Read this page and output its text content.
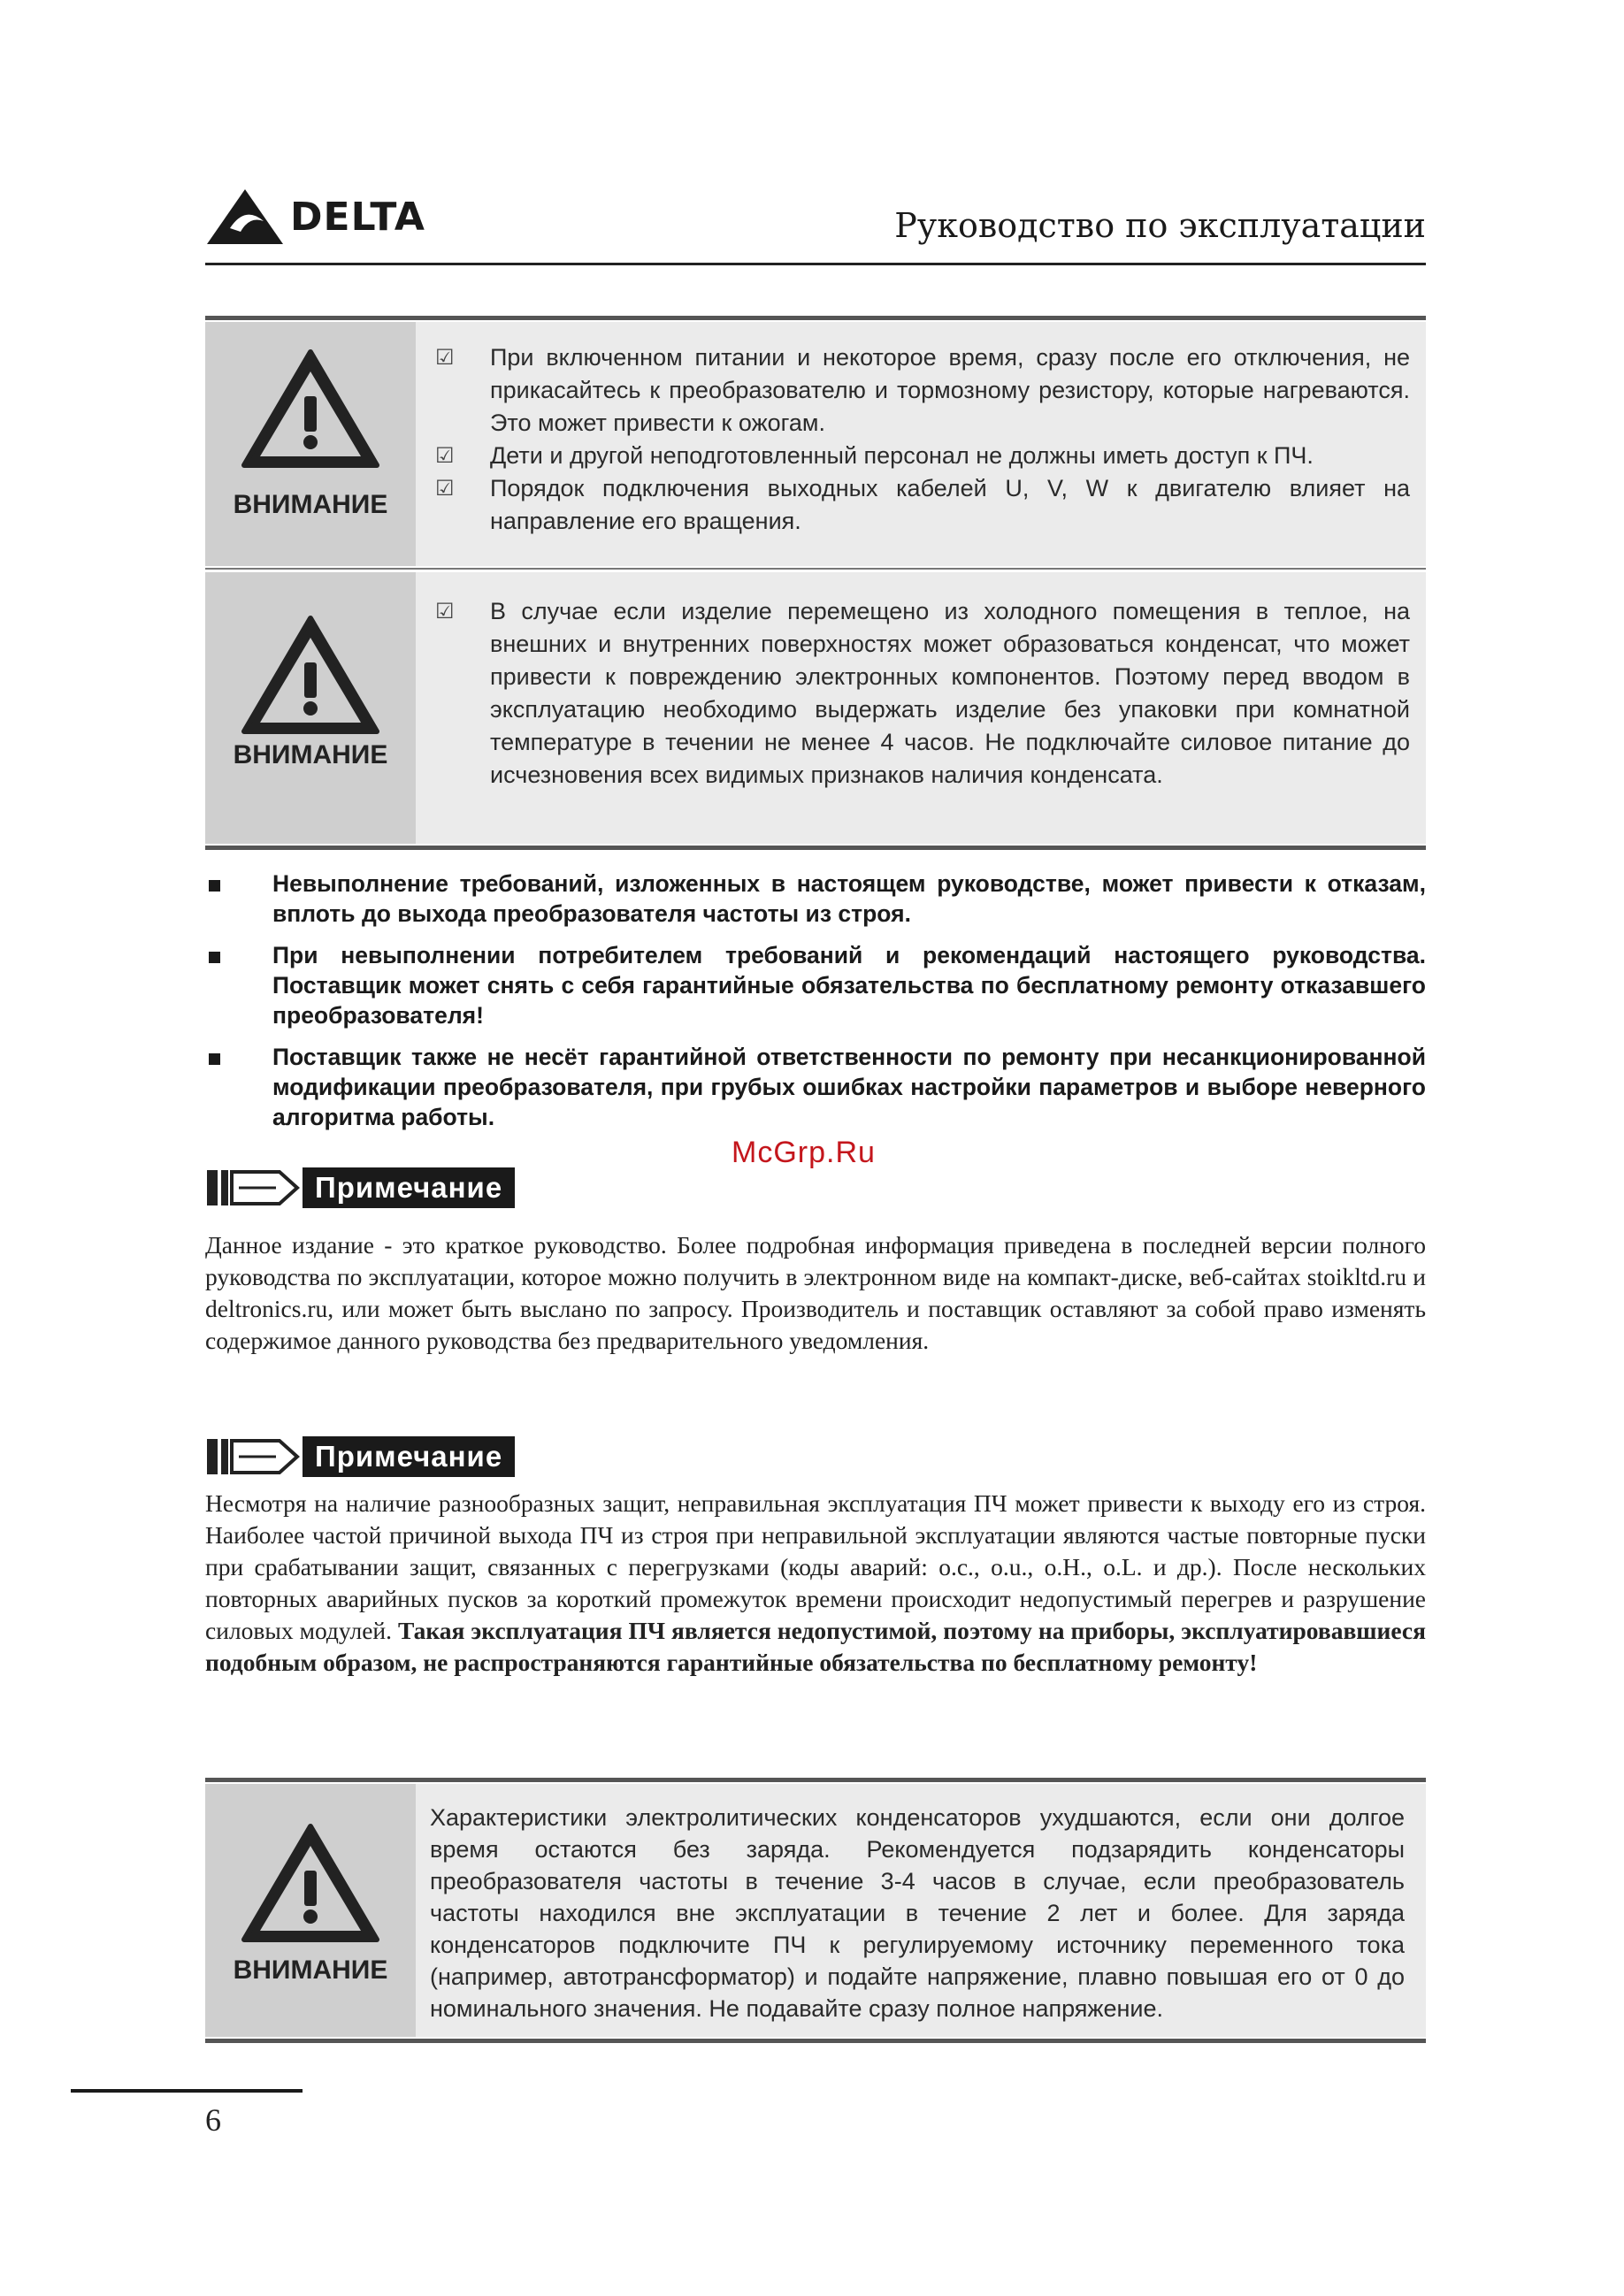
DELTA	Руководство по эксплуатации
ВНИМАНИЕ
☑	При включенном питании и некоторое время, сразу после его отключения, не прикасайтесь к преобразователю и тормозному резистору, которые нагреваются. Это может привести к ожогам.
☑	Дети и другой неподготовленный персонал не должны иметь доступ к ПЧ.
☑	Порядок подключения выходных кабелей U, V, W к двигателю влияет на направление его вращения.
ВНИМАНИЕ
☑	В случае если изделие перемещено из холодного помещения в теплое, на внешних и внутренних поверхностях может образоваться конденсат, что может привести к повреждению электронных компонентов. Поэтому перед вводом в эксплуатацию необходимо выдержать изделие без упаковки при комнатной температуре в течении не менее 4 часов. Не подключайте силовое питание до исчезновения всех видимых признаков наличия конденсата.
Невыполнение требований, изложенных в настоящем руководстве, может привести к отказам, вплоть до выхода преобразователя частоты из строя.
При невыполнении потребителем требований и рекомендаций настоящего руководства. Поставщик может снять с себя гарантийные обязательства по бесплатному ремонту отказавшего преобразователя!
Поставщик также не несёт гарантийной ответственности по ремонту при несанкционированной модификации преобразователя, при грубых ошибках настройки параметров и выборе неверного алгоритма работы.
McGrp.Ru
Примечание
Данное издание - это краткое руководство. Более подробная информация приведена в последней версии полного руководства по эксплуатации, которое можно получить в электронном виде на компакт-диске, веб-сайтах stoikltd.ru и deltronics.ru, или может быть выслано по запросу. Производитель и поставщик оставляют за собой право изменять содержимое данного руководства без предварительного уведомления.
Примечание
Несмотря на наличие разнообразных защит, неправильная эксплуатация ПЧ может привести к выходу его из строя. Наиболее частой причиной выхода ПЧ из строя при неправильной эксплуатации являются частые повторные пуски при срабатывании защит, связанных с перегрузками (коды аварий: o.c., o.u., o.H., o.L. и др.). После нескольких повторных аварийных пусков за короткий промежуток времени происходит недопустимый перегрев и разрушение силовых модулей. Такая эксплуатация ПЧ является недопустимой, поэтому на приборы, эксплуатировавшиеся подобным образом, не распространяются гарантийные обязательства по бесплатному ремонту!
ВНИМАНИЕ
Характеристики электролитических конденсаторов ухудшаются, если они долгое время остаются без заряда. Рекомендуется подзарядить конденсаторы преобразователя частоты в течение 3-4 часов в случае, если преобразователь частоты находился вне эксплуатации в течение 2 лет и более. Для заряда конденсаторов подключите ПЧ к регулируемому источнику переменного тока (например, автотрансформатор) и подайте напряжение, плавно повышая его от 0 до номинального значения. Не подавайте сразу полное напряжение.
6
